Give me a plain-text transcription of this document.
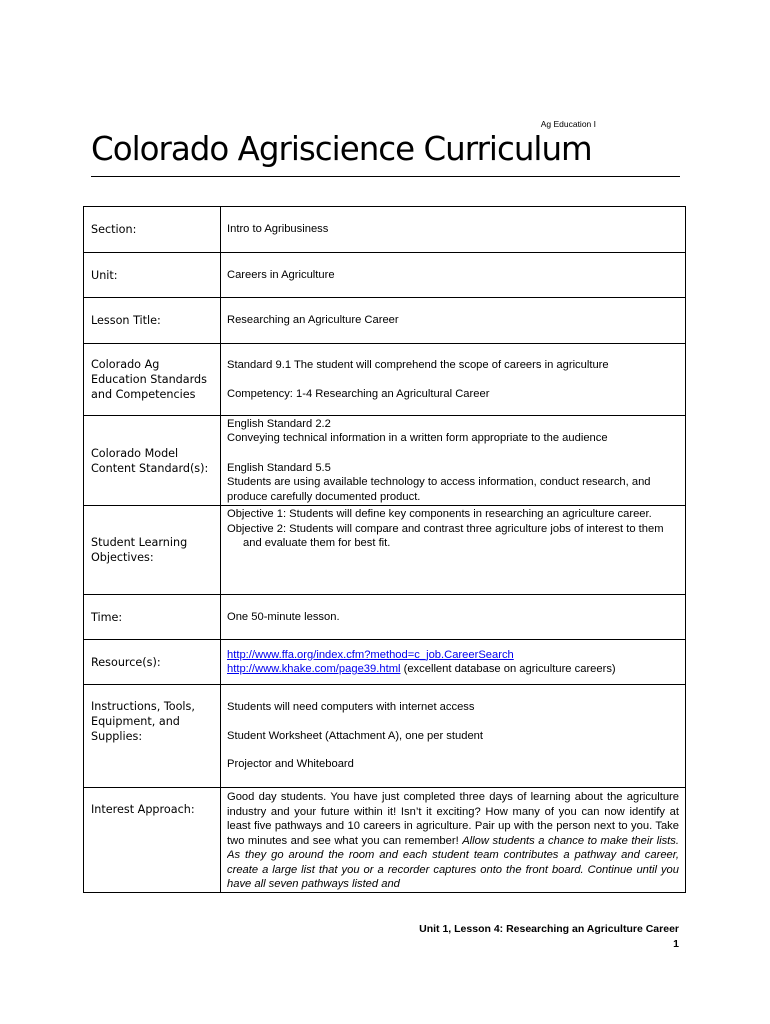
Ag Education I
Colorado Agriscience Curriculum
Section:	Intro to Agribusiness
Unit:	Careers in Agriculture
Lesson Title:	Researching an Agriculture Career
Colorado Ag Education Standards and Competencies	Standard 9.1 The student will comprehend the scope of careers in agriculture

Competency: 1-4 Researching an Agricultural Career

Colorado Model Content Standard(s):	English Standard 2.2

Conveying technical information in a written form appropriate to the audience

English Standard 5.5

Students are using available technology to access information, conduct research, and produce carefully documented product.

Student Learning Objectives:	Objective 1: Students will define key components in researching an agriculture career.

Objective 2: Students will compare and contrast three agriculture jobs of interest to them and evaluate them for best fit.

Time:	One 50-minute lesson.
Resource(s):	http://www.ffa.org/index.cfm?method=c_job.CareerSearch

http://www.khake.com/page39.html (excellent database on agriculture careers)

Instructions, Tools, Equipment, and Supplies:	Students will need computers with internet access

Student Worksheet (Attachment A), one per student

Projector and Whiteboard

Interest Approach:	Good day students. You have just completed three days of learning about the agriculture industry and your future within it! Isn’t it exciting? How many of you can now identify at least five pathways and 10 careers in agriculture. Pair up with the person next to you. Take two minutes and see what you can remember! Allow students a chance to make their lists. As they go around the room and each student team contributes a pathway and career, create a large list that you or a recorder captures onto the front board. Continue until you have all seven pathways listed and
Unit 1, Lesson 4: Researching an Agriculture Career
1
